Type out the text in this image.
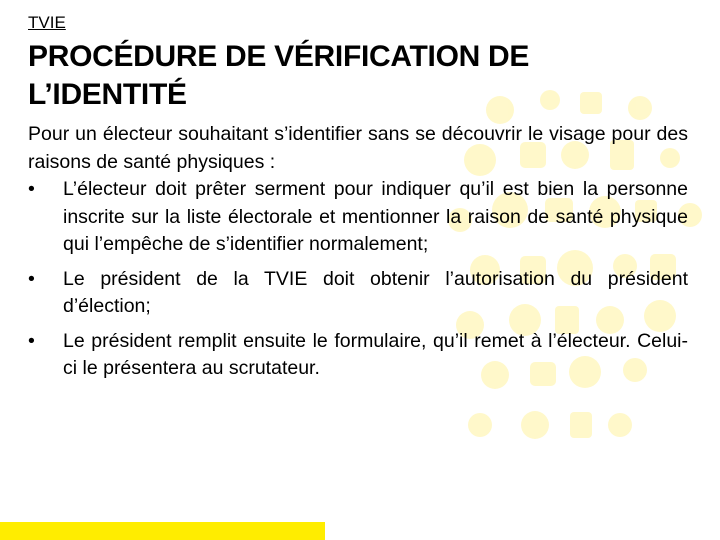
TVIE
PROCÉDURE DE VÉRIFICATION DE L’IDENTITÉ

Pour un électeur souhaitant s’identifier sans se découvrir le visage pour des raisons de santé physiques :

•	L’électeur doit prêter serment pour indiquer qu’il est bien la personne inscrite sur la liste électorale et mentionner la raison de santé physique qui l’empêche de s’identifier normalement;
•	Le président de la TVIE doit obtenir l’autorisation du président d’élection;
•	Le président remplit ensuite le formulaire, qu’il remet à l’électeur. Celui-ci le présentera au scrutateur.
